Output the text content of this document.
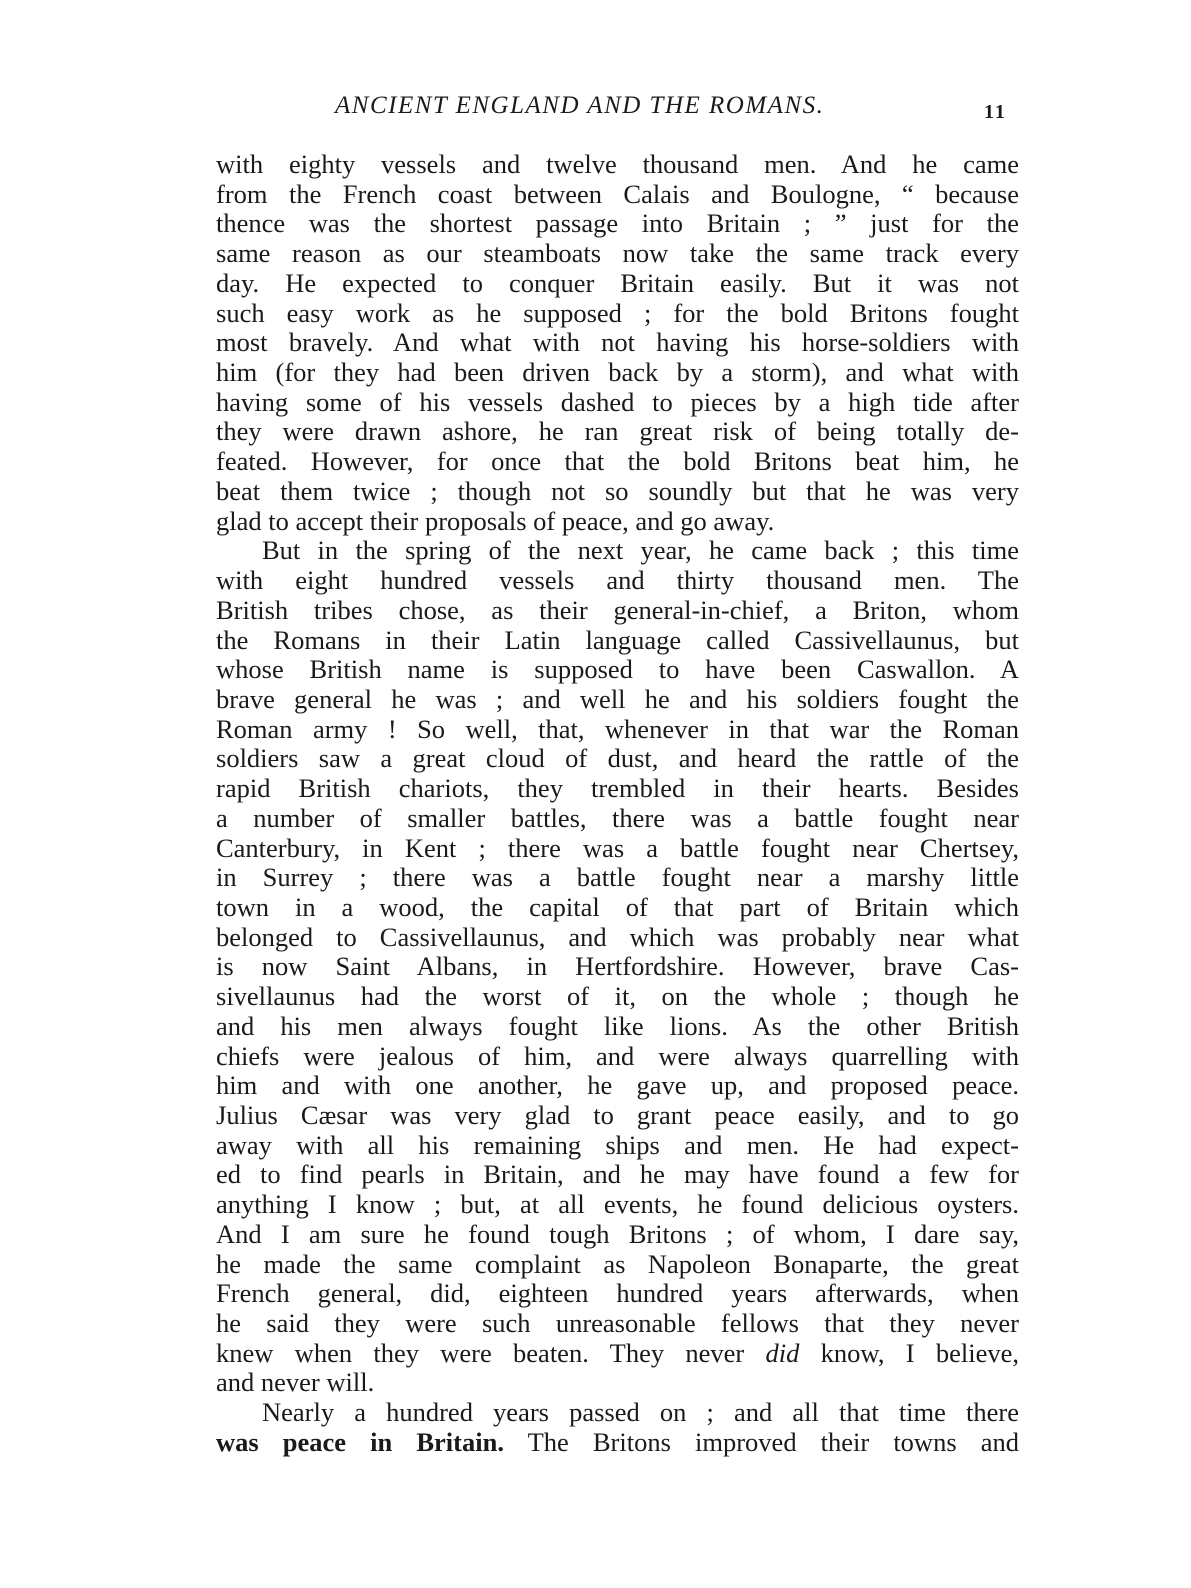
ANCIENT ENGLAND AND THE ROMANS.	11
with eighty vessels and twelve thousand men. And he came
from the French coast between Calais and Boulogne, “ because
thence was the shortest passage into Britain ; ” just for the
same reason as our steamboats now take the same track every
day. He expected to conquer Britain easily. But it was not
such easy work as he supposed ; for the bold Britons fought
most bravely. And what with not having his horse-soldiers with
him (for they had been driven back by a storm), and what with
having some of his vessels dashed to pieces by a high tide after
they were drawn ashore, he ran great risk of being totally de-
feated. However, for once that the bold Britons beat him, he
beat them twice ; though not so soundly but that he was very
glad to accept their proposals of peace, and go away.
But in the spring of the next year, he came back ; this time
with eight hundred vessels and thirty thousand men. The
British tribes chose, as their general-in-chief, a Briton, whom
the Romans in their Latin language called Cassivellaunus, but
whose British name is supposed to have been Caswallon. A
brave general he was ; and well he and his soldiers fought the
Roman army ! So well, that, whenever in that war the Roman
soldiers saw a great cloud of dust, and heard the rattle of the
rapid British chariots, they trembled in their hearts. Besides
a number of smaller battles, there was a battle fought near
Canterbury, in Kent ; there was a battle fought near Chertsey,
in Surrey ; there was a battle fought near a marshy little
town in a wood, the capital of that part of Britain which
belonged to Cassivellaunus, and which was probably near what
is now Saint Albans, in Hertfordshire. However, brave Cas-
sivellaunus had the worst of it, on the whole ; though he
and his men always fought like lions. As the other British
chiefs were jealous of him, and were always quarrelling with
him and with one another, he gave up, and proposed peace.
Julius Cæsar was very glad to grant peace easily, and to go
away with all his remaining ships and men. He had expect-
ed to find pearls in Britain, and he may have found a few for
anything I know ; but, at all events, he found delicious oysters.
And I am sure he found tough Britons ; of whom, I dare say,
he made the same complaint as Napoleon Bonaparte, the great
French general, did, eighteen hundred years afterwards, when
he said they were such unreasonable fellows that they never
knew when they were beaten. They never did know, I believe,
and never will.
Nearly a hundred years passed on ; and all that time there
was peace in Britain. The Britons improved their towns and
